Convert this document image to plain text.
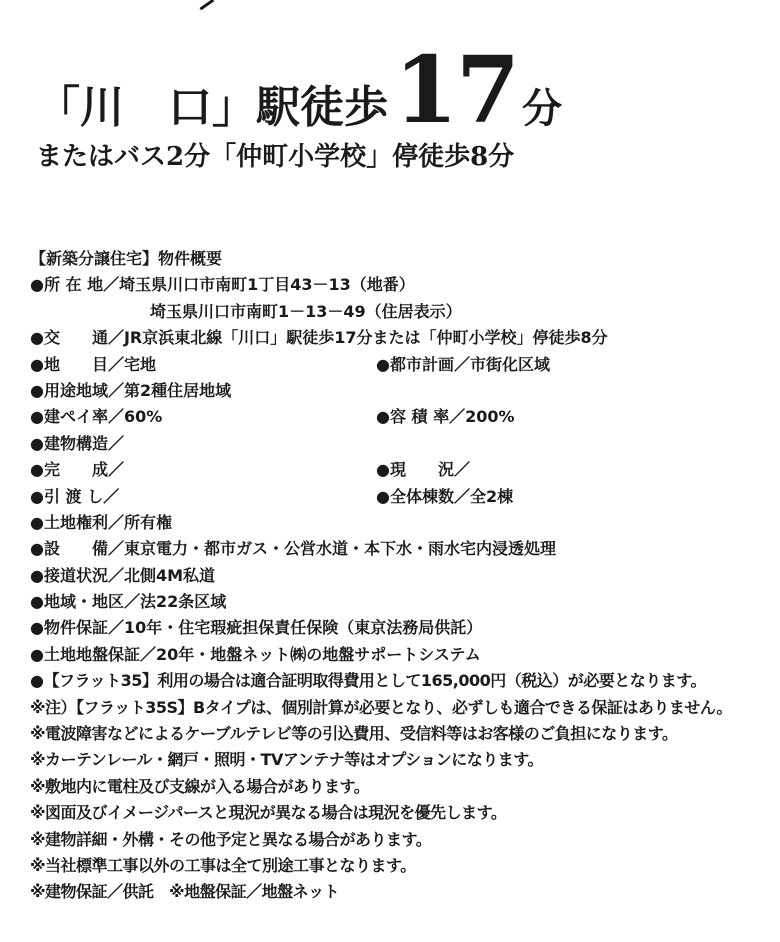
「川　口」 駅徒歩 17 分
またはバス2分「仲町小学校」停徒歩8分
【新築分譲住宅】物件概要
●所 在 地／埼玉県川口市南町1丁目43－13（地番）
埼玉県川口市南町1－13－49（住居表示）
●交　　通／JR京浜東北線「川口」駅徒歩17分または「仲町小学校」停徒歩8分
●地　　目／宅地	●都市計画／市街化区域
●用途地域／第2種住居地域
●建ペイ率／60%	●容 積 率／200%
●建物構造／
●完　　成／	●現　　況／
●引 渡 し／	●全体棟数／全2棟
●土地権利／所有権
●設　　備／東京電力・都市ガス・公営水道・本下水・雨水宅内浸透処理
●接道状況／北側4M私道
●地域・地区／法22条区域
●物件保証／10年・住宅瑕疵担保責任保険（東京法務局供託）
●土地地盤保証／20年・地盤ネット㈱の地盤サポートシステム
●【フラット35】利用の場合は適合証明取得費用として165,000円（税込）が必要となります。
※注）【フラット35S】Bタイプは、個別計算が必要となり、必ずしも適合できる保証はありません。
※電波障害などによるケーブルテレビ等の引込費用、受信料等はお客様のご負担になります。
※カーテンレール・網戸・照明・TVアンテナ等はオプションになります。
※敷地内に電柱及び支線が入る場合があります。
※図面及びイメージパースと現況が異なる場合は現況を優先します。
※建物詳細・外構・その他予定と異なる場合があります。
※当社標準工事以外の工事は全て別途工事となります。
※建物保証／供託　※地盤保証／地盤ネット
